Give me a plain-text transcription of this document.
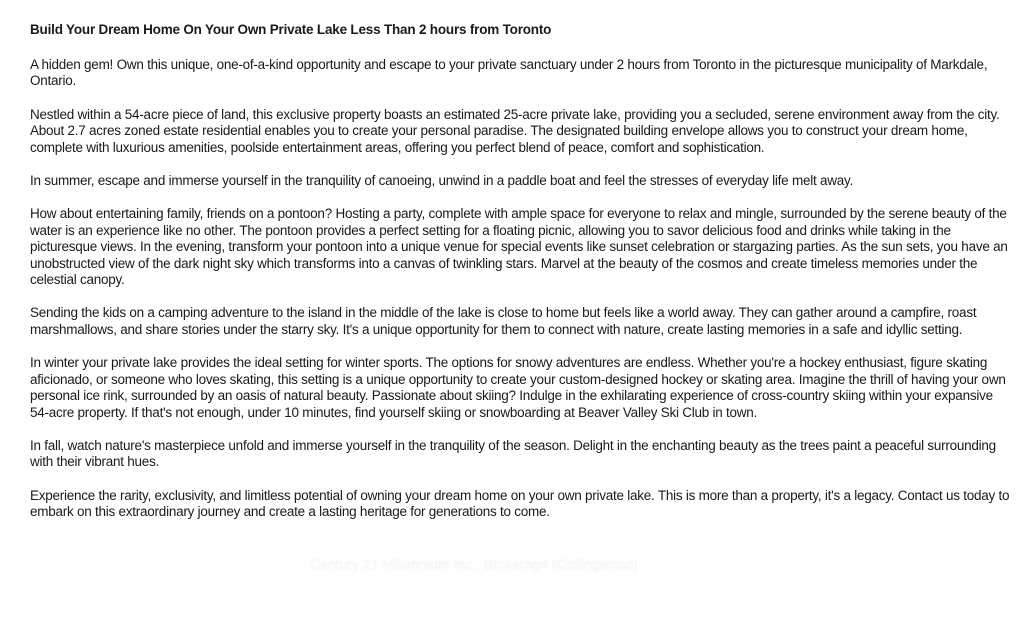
Build Your Dream Home On Your Own Private Lake Less Than 2 hours from Toronto

A hidden gem! Own this unique, one-of-a-kind opportunity and escape to your private sanctuary under 2 hours from Toronto in the picturesque municipality of Markdale, Ontario.

Nestled within a 54-acre piece of land, this exclusive property boasts an estimated 25-acre private lake, providing you a secluded, serene environment away from the city. About 2.7 acres zoned estate residential enables you to create your personal paradise. The designated building envelope allows you to construct your dream home, complete with luxurious amenities, poolside entertainment areas, offering you perfect blend of peace, comfort and sophistication.

In summer, escape and immerse yourself in the tranquility of canoeing, unwind in a paddle boat and feel the stresses of everyday life melt away.

How about entertaining family, friends on a pontoon? Hosting a party, complete with ample space for everyone to relax and mingle, surrounded by the serene beauty of the water is an experience like no other. The pontoon provides a perfect setting for a floating picnic, allowing you to savor delicious food and drinks while taking in the picturesque views. In the evening, transform your pontoon into a unique venue for special events like sunset celebration or stargazing parties. As the sun sets, you have an unobstructed view of the dark night sky which transforms into a canvas of twinkling stars. Marvel at the beauty of the cosmos and create timeless memories under the celestial canopy.

Sending the kids on a camping adventure to the island in the middle of the lake is close to home but feels like a world away. They can gather around a campfire, roast marshmallows, and share stories under the starry sky. It's a unique opportunity for them to connect with nature, create lasting memories in a safe and idyllic setting.

In winter your private lake provides the ideal setting for winter sports. The options for snowy adventures are endless. Whether you're a hockey enthusiast, figure skating aficionado, or someone who loves skating, this setting is a unique opportunity to create your custom-designed hockey or skating area. Imagine the thrill of having your own personal ice rink, surrounded by an oasis of natural beauty. Passionate about skiing? Indulge in the exhilarating experience of cross-country skiing within your expansive 54-acre property. If that's not enough, under 10 minutes, find yourself skiing or snowboarding at Beaver Valley Ski Club in town.

In fall, watch nature's masterpiece unfold and immerse yourself in the tranquility of the season. Delight in the enchanting beauty as the trees paint a peaceful surrounding with their vibrant hues.

Experience the rarity, exclusivity, and limitless potential of owning your dream home on your own private lake. This is more than a property, it's a legacy. Contact us today to embark on this extraordinary journey and create a lasting heritage for generations to come.

Century 21 Millennium Inc., Brokerage (Collingwood)
